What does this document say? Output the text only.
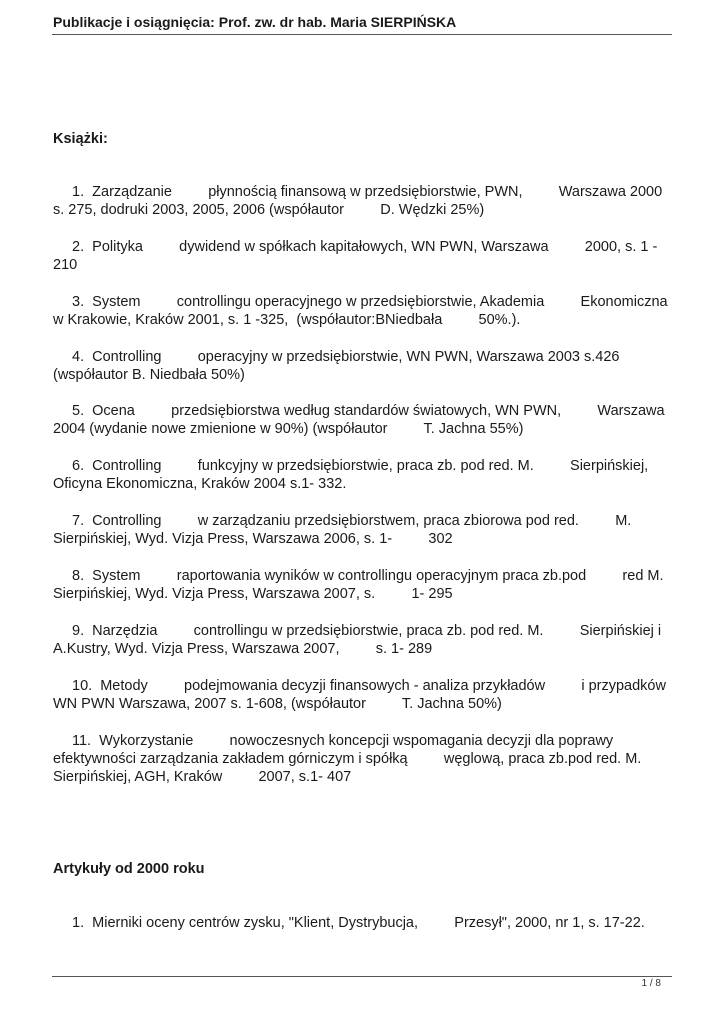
Publikacje i osiągnięcia: Prof. zw. dr hab. Maria SIERPIŃSKA
Książki:
1.  Zarządzanie         płynnością finansową w przedsiębiorstwie, PWN,         Warszawa 2000
s. 275, dodruki 2003, 2005, 2006 (współautor         D. Wędzki 25%)
2.  Polityka         dywidend w spółkach kapitałowych, WN PWN, Warszawa         2000, s. 1 -
210
3.  System         controllingu operacyjnego w przedsiębiorstwie, Akademia         Ekonomiczna
w Krakowie, Kraków 2001, s. 1 -325,  (współautor:BNiedbała         50%.).
4.  Controlling         operacyjny w przedsiębiorstwie, WN PWN, Warszawa 2003 s.426
(współautor B. Niedbała 50%)
5.  Ocena         przedsiębiorstwa według standardów światowych, WN PWN,         Warszawa
2004 (wydanie nowe zmienione w 90%) (współautor         T. Jachna 55%)
6.  Controlling         funkcyjny w przedsiębiorstwie, praca zb. pod red. M.         Sierpińskiej,
Oficyna Ekonomiczna, Kraków 2004 s.1- 332.
7.  Controlling         w zarządzaniu przedsiębiorstwem, praca zbiorowa pod red.         M.
Sierpińskiej, Wyd. Vizja Press, Warszawa 2006, s. 1-         302
8.  System         raportowania wyników w controllingu operacyjnym praca zb.pod         red M.
Sierpińskiej, Wyd. Vizja Press, Warszawa 2007, s.         1- 295
9.  Narzędzia         controllingu w przedsiębiorstwie, praca zb. pod red. M.         Sierpińskiej i
A.Kustry, Wyd. Vizja Press, Warszawa 2007,         s. 1- 289
10.  Metody         podejmowania decyzji finansowych - analiza przykładów         i przypadków
WN PWN Warszawa, 2007 s. 1-608, (współautor         T. Jachna 50%)
11.  Wykorzystanie         nowoczesnych koncepcji wspomagania decyzji dla poprawy
efektywności zarządzania zakładem górniczym i spółką         węglową, praca zb.pod red. M.
Sierpińskiej, AGH, Kraków         2007, s.1- 407
Artykuły od 2000 roku
1.  Mierniki oceny centrów zysku, "Klient, Dystrybucja,         Przesył", 2000, nr 1, s. 17-22.
1 / 8
